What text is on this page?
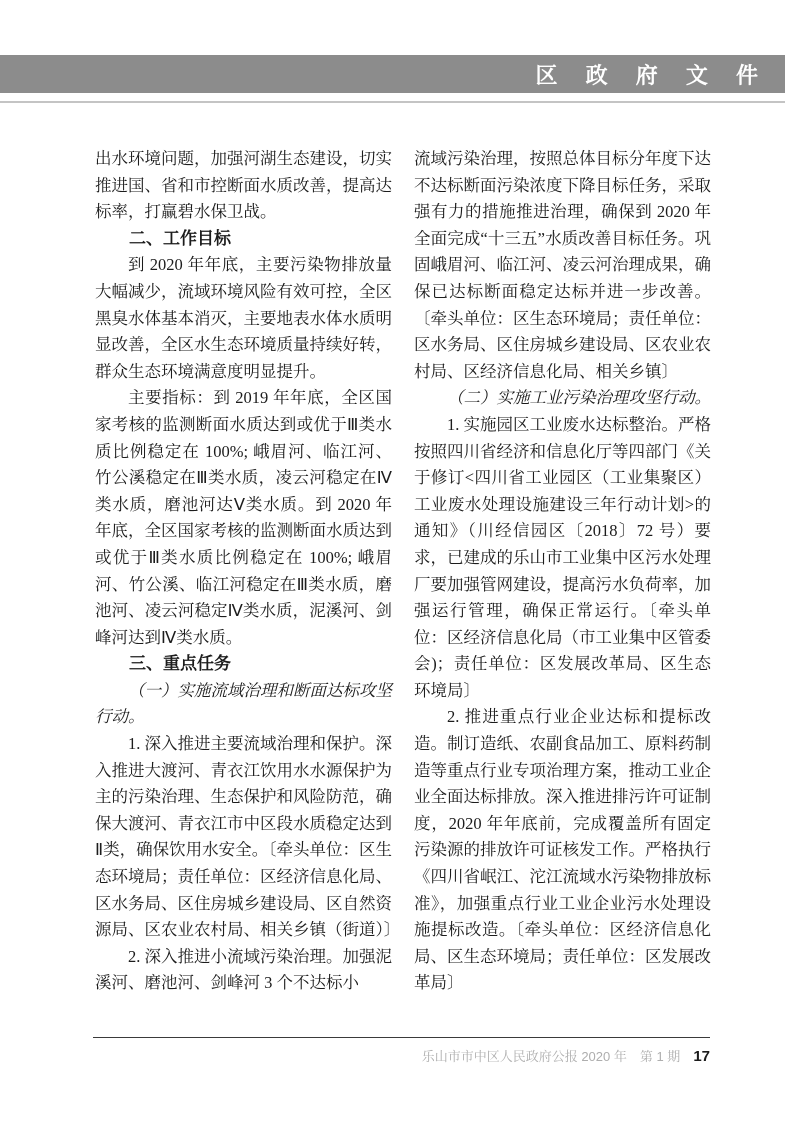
区 政 府 文 件

出水环境问题，加强河湖生态建设，切实推进国、省和市控断面水质改善，提高达标率，打赢碧水保卫战。

二、工作目标

到 2020 年年底，主要污染物排放量大幅减少，流域环境风险有效可控，全区黑臭水体基本消灭，主要地表水体水质明显改善，全区水生态环境质量持续好转，群众生态环境满意度明显提升。

主要指标：到 2019 年年底，全区国家考核的监测断面水质达到或优于Ⅲ类水质比例稳定在 100%; 峨眉河、临江河、竹公溪稳定在Ⅲ类水质，凌云河稳定在Ⅳ类水质，磨池河达Ⅴ类水质。到 2020 年年底，全区国家考核的监测断面水质达到或优于Ⅲ类水质比例稳定在 100%; 峨眉河、竹公溪、临江河稳定在Ⅲ类水质，磨池河、凌云河稳定Ⅳ类水质，泥溪河、剑峰河达到Ⅳ类水质。

三、重点任务

（一）实施流域治理和断面达标攻坚行动。

1. 深入推进主要流域治理和保护。深入推进大渡河、青衣江饮用水水源保护为主的污染治理、生态保护和风险防范，确保大渡河、青衣江市中区段水质稳定达到Ⅱ类，确保饮用水安全。〔牵头单位：区生态环境局；责任单位：区经济信息化局、区水务局、区住房城乡建设局、区自然资源局、区农业农村局、相关乡镇（街道）〕

2. 深入推进小流域污染治理。加强泥溪河、磨池河、剑峰河 3 个不达标小

流域污染治理，按照总体目标分年度下达不达标断面污染浓度下降目标任务，采取强有力的措施推进治理，确保到 2020 年全面完成“十三五”水质改善目标任务。巩固峨眉河、临江河、凌云河治理成果，确保已达标断面稳定达标并进一步改善。〔牵头单位：区生态环境局；责任单位：区水务局、区住房城乡建设局、区农业农村局、区经济信息化局、相关乡镇〕

（二）实施工业污染治理攻坚行动。

1. 实施园区工业废水达标整治。严格按照四川省经济和信息化厅等四部门《关于修订<四川省工业园区（工业集聚区）工业废水处理设施建设三年行动计划>的通知》（川经信园区〔2018〕72 号）要求，已建成的乐山市工业集中区污水处理厂要加强管网建设，提高污水负荷率，加强运行管理，确保正常运行。〔牵头单位：区经济信息化局（市工业集中区管委会)；责任单位：区发展改革局、区生态环境局〕

2. 推进重点行业企业达标和提标改造。制订造纸、农副食品加工、原料药制造等重点行业专项治理方案，推动工业企业全面达标排放。深入推进排污许可证制度，2020 年年底前，完成覆盖所有固定污染源的排放许可证核发工作。严格执行《四川省岷江、沱江流域水污染物排放标准》，加强重点行业工业企业污水处理设施提标改造。〔牵头单位：区经济信息化局、区生态环境局；责任单位：区发展改革局〕

乐山市市中区人民政府公报 2020 年　第 1 期 17
